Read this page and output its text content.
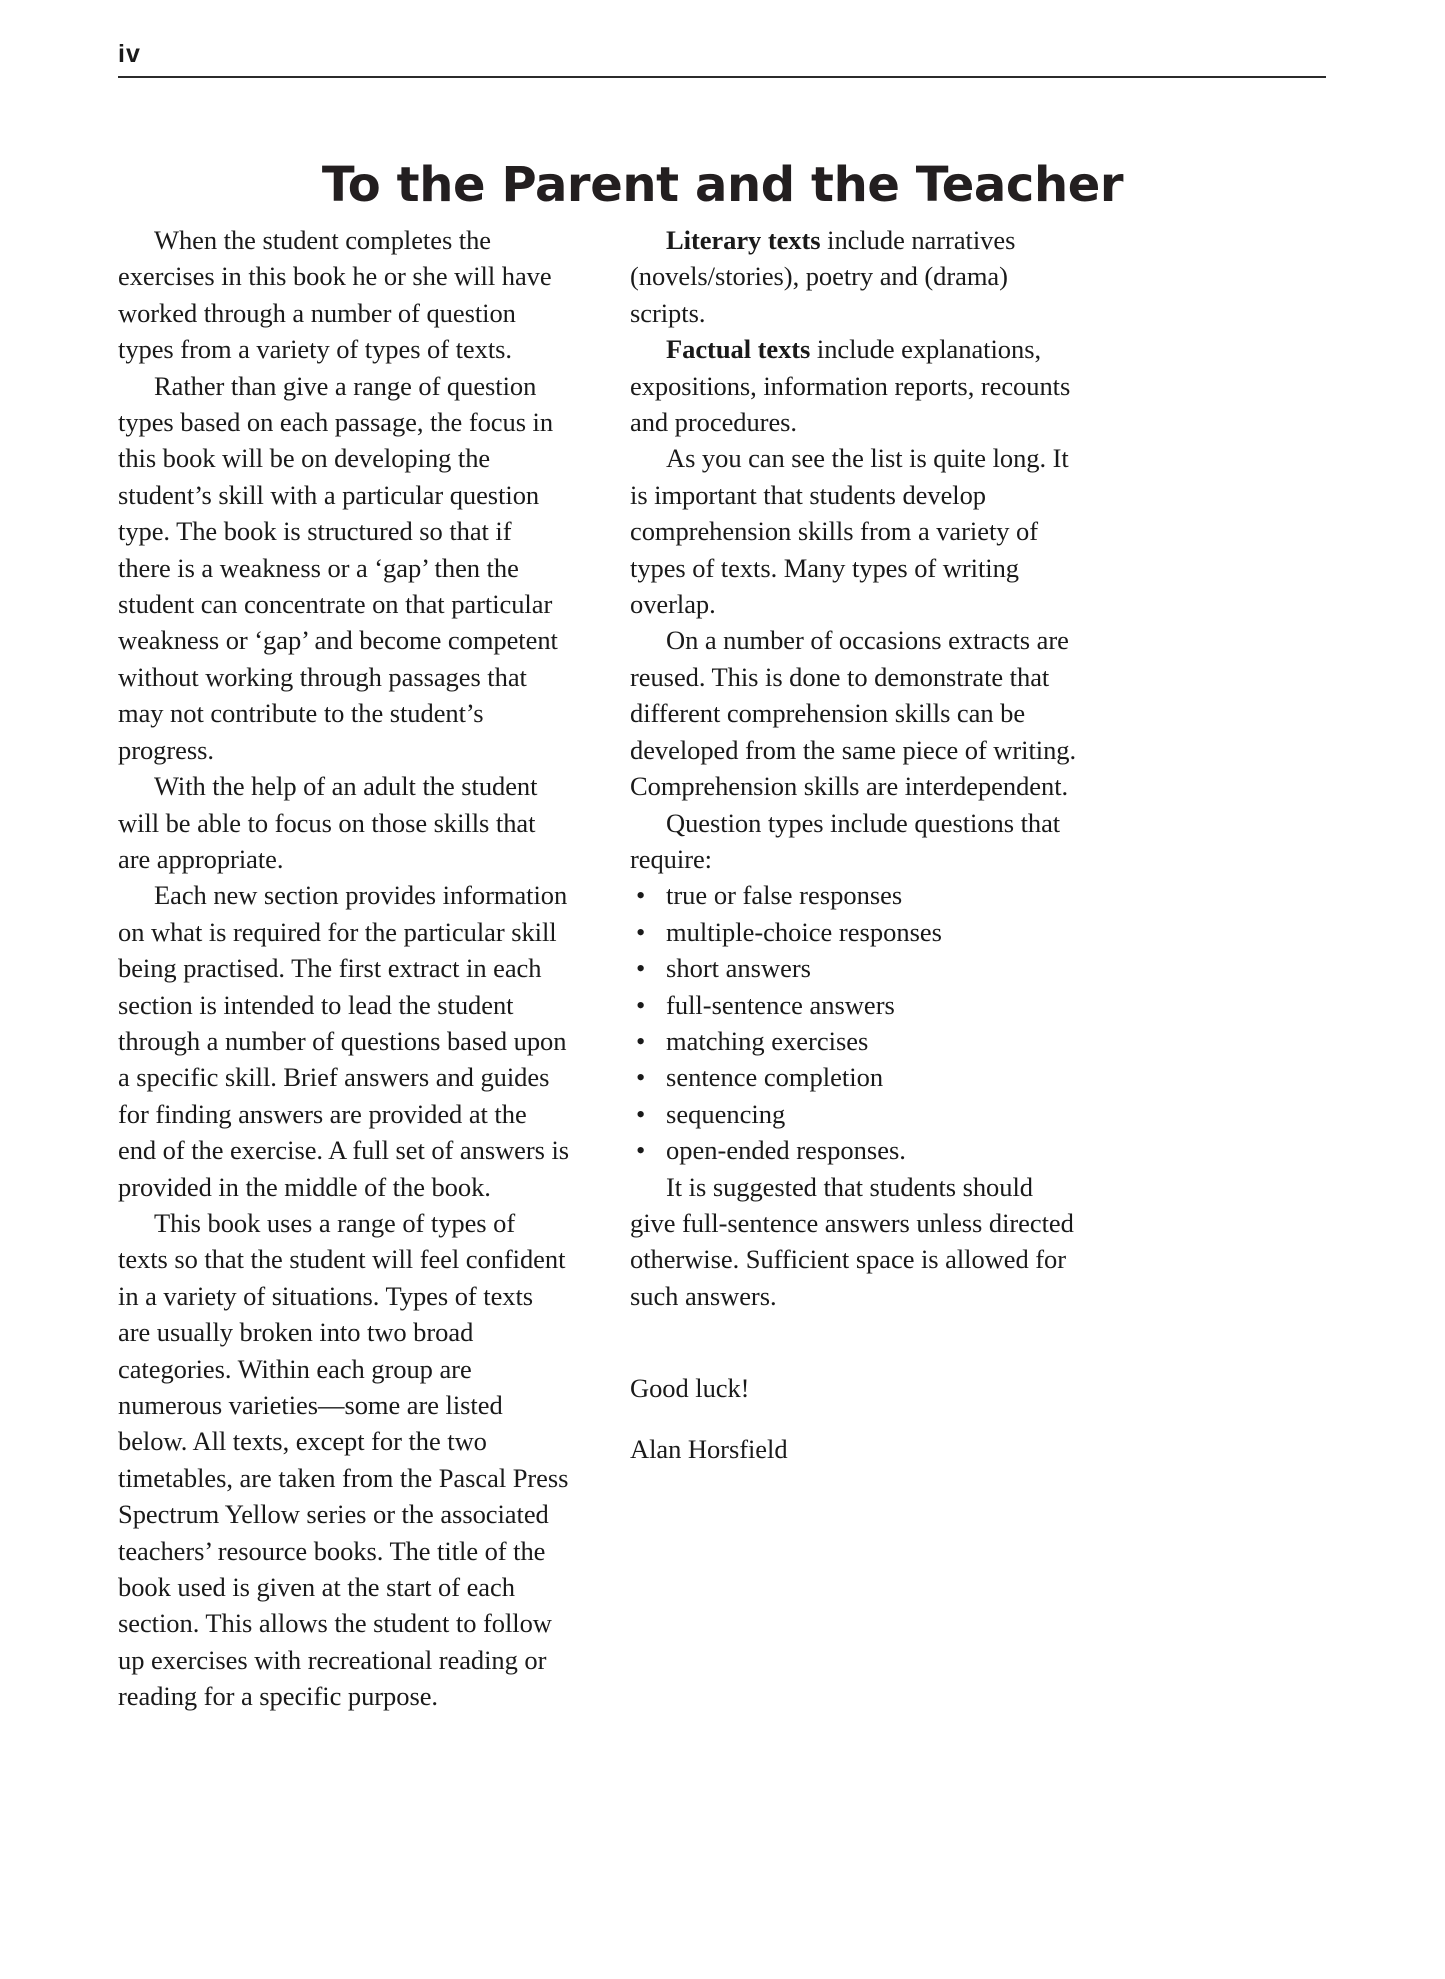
iv
To the Parent and the Teacher

When the student completes the exercises in this book he or she will have worked through a number of question types from a variety of types of texts.

Rather than give a range of question types based on each passage, the focus in this book will be on developing the student’s skill with a particular question type. The book is structured so that if there is a weakness or a ‘gap’ then the student can concentrate on that particular weakness or ‘gap’ and become competent without working through passages that may not contribute to the student’s progress.

With the help of an adult the student will be able to focus on those skills that are appropriate.

Each new section provides information on what is required for the particular skill being practised. The first extract in each section is intended to lead the student through a number of questions based upon a specific skill. Brief answers and guides for finding answers are provided at the end of the exercise. A full set of answers is provided in the middle of the book.

This book uses a range of types of texts so that the student will feel confident in a variety of situations. Types of texts are usually broken into two broad categories. Within each group are numerous varieties—some are listed below. All texts, except for the two timetables, are taken from the Pascal Press Spectrum Yellow series or the associated teachers’ resource books. The title of the book used is given at the start of each section. This allows the student to follow up exercises with recreational reading or reading for a specific purpose.

Literary texts include narratives (novels/stories), poetry and (drama) scripts.

Factual texts include explanations, expositions, information reports, recounts and procedures.

As you can see the list is quite long. It is important that students develop comprehension skills from a variety of types of texts. Many types of writing overlap.

On a number of occasions extracts are reused. This is done to demonstrate that different comprehension skills can be developed from the same piece of writing. Comprehension skills are interdependent.

Question types include questions that require:

• true or false responses
• multiple-choice responses
• short answers
• full-sentence answers
• matching exercises
• sentence completion
• sequencing
• open-ended responses.

It is suggested that students should give full-sentence answers unless directed otherwise. Sufficient space is allowed for such answers.

Good luck!

Alan Horsfield
